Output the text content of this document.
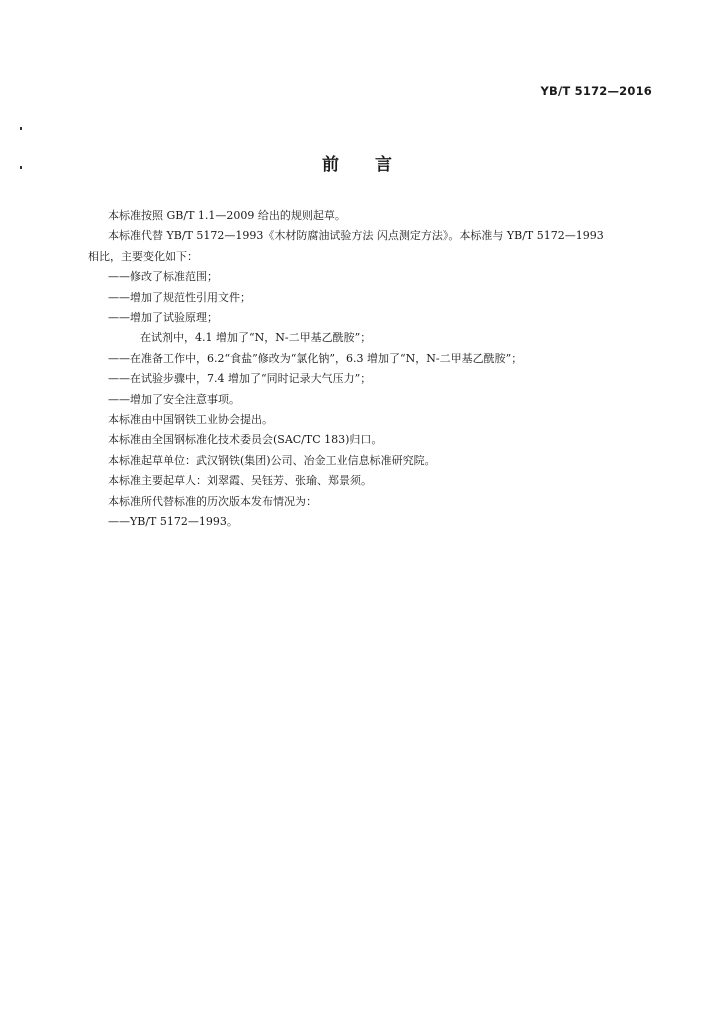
YB/T 5172—2016
前言

本标准按照 GB/T 1.1—2009 给出的规则起草。

本标准代替 YB/T 5172—1993《木材防腐油试验方法 闪点测定方法》。本标准与 YB/T 5172—1993

相比，主要变化如下：

——修改了标准范围；

——增加了规范性引用文件；

——增加了试验原理；

在试剂中，4.1 增加了“N，N-二甲基乙酰胺”；

——在准备工作中，6.2“食盐”修改为“氯化钠”，6.3 增加了“N，N-二甲基乙酰胺”；

——在试验步骤中，7.4 增加了“同时记录大气压力”；

——增加了安全注意事项。

本标准由中国钢铁工业协会提出。

本标准由全国钢标准化技术委员会(SAC/TC 183)归口。

本标准起草单位：武汉钢铁(集团)公司、冶金工业信息标准研究院。

本标准主要起草人：刘翠霞、吴钰芳、张瑜、郑景须。

本标准所代替标准的历次版本发布情况为：

——YB/T 5172—1993。
